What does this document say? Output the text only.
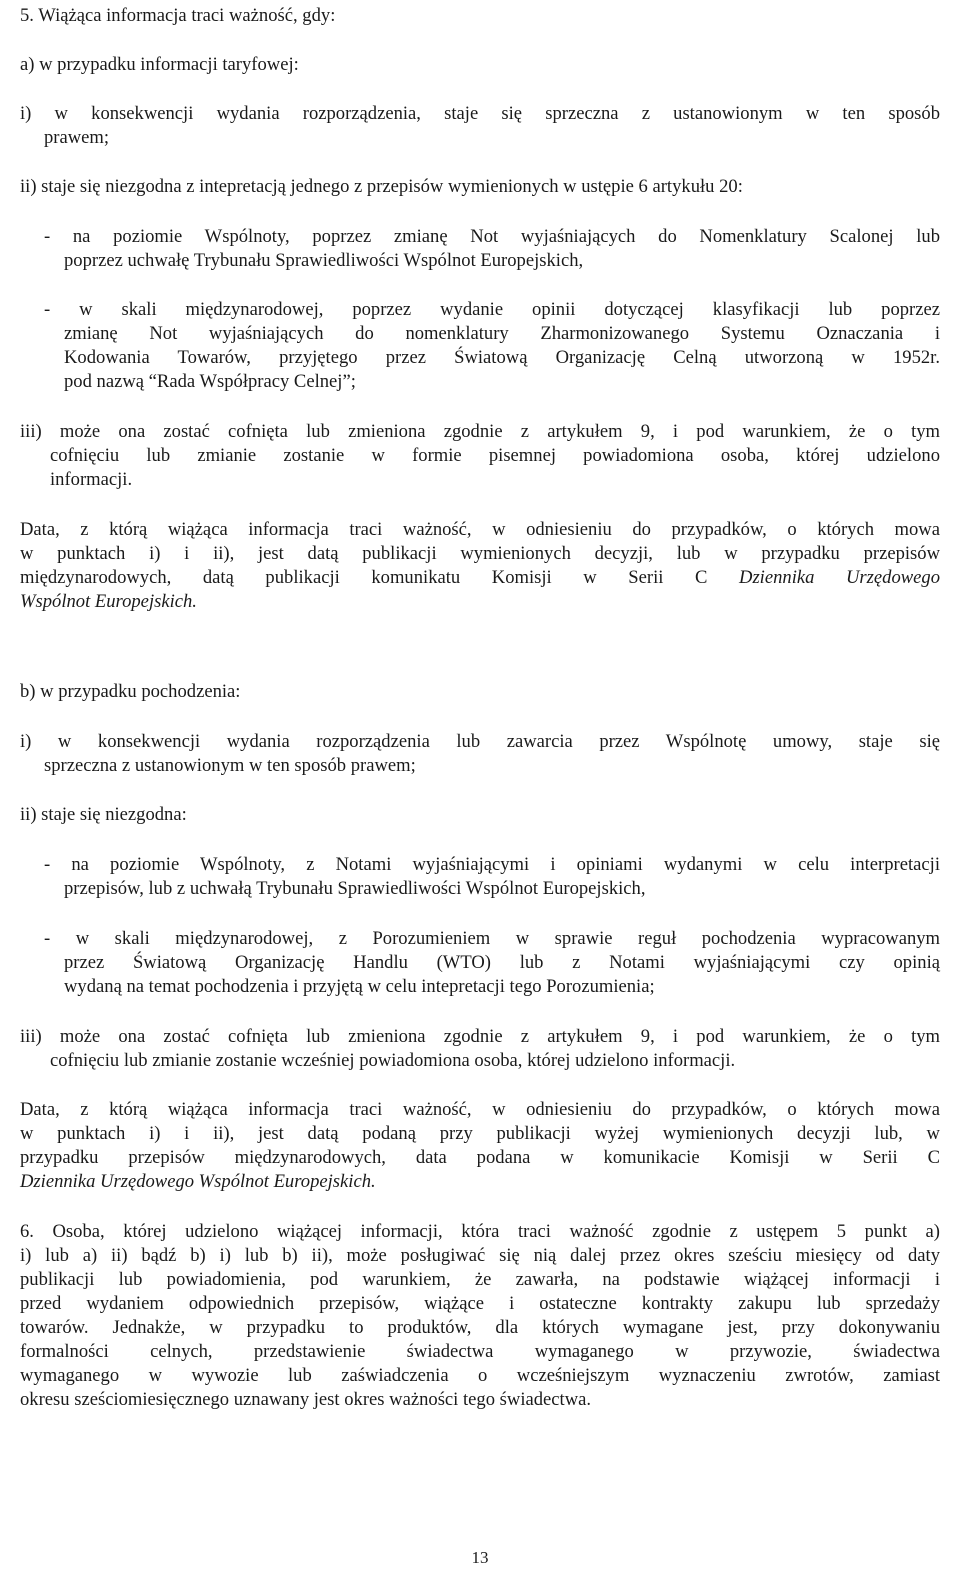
5. Wiążąca informacja traci ważność, gdy:
a) w przypadku informacji taryfowej:
i) w konsekwencji wydania rozporządzenia, staje się sprzeczna z ustanowionym w ten sposób
prawem;
ii) staje się niezgodna z intepretacją jednego z przepisów wymienionych w ustępie 6 artykułu 20:
- na poziomie Wspólnoty, poprzez zmianę Not wyjaśniających do Nomenklatury Scalonej lub
poprzez uchwałę Trybunału Sprawiedliwości Wspólnot Europejskich,
- w skali międzynarodowej, poprzez wydanie opinii dotyczącej klasyfikacji lub poprzez
zmianę Not wyjaśniających do nomenklatury Zharmonizowanego Systemu Oznaczania i
Kodowania Towarów, przyjętego przez Światową Organizację Celną utworzoną w 1952r.
pod nazwą “Rada Współpracy Celnej”;
iii) może ona zostać cofnięta lub zmieniona zgodnie z artykułem 9, i pod warunkiem, że o tym
cofnięciu lub zmianie zostanie w formie pisemnej powiadomiona osoba, której udzielono
informacji.
Data, z którą wiążąca informacja traci ważność, w odniesieniu do przypadków, o których mowa
w punktach i) i ii), jest datą publikacji wymienionych decyzji, lub w przypadku przepisów
międzynarodowych, datą publikacji komunikatu Komisji w Serii C Dziennika Urzędowego
Wspólnot Europejskich.
b) w przypadku pochodzenia:
i) w konsekwencji wydania rozporządzenia lub zawarcia przez Wspólnotę umowy, staje się
sprzeczna z ustanowionym w ten sposób prawem;
ii) staje się niezgodna:
- na poziomie Wspólnoty, z Notami wyjaśniającymi i opiniami wydanymi w celu interpretacji
przepisów, lub z uchwałą Trybunału Sprawiedliwości Wspólnot Europejskich,
- w skali międzynarodowej, z Porozumieniem w sprawie reguł pochodzenia wypracowanym
przez Światową Organizację Handlu (WTO) lub z Notami wyjaśniającymi czy opinią
wydaną na temat pochodzenia i przyjętą w celu intepretacji tego Porozumienia;
iii) może ona zostać cofnięta lub zmieniona zgodnie z artykułem 9, i pod warunkiem, że o tym
cofnięciu lub zmianie zostanie wcześniej powiadomiona osoba, której udzielono informacji.
Data, z którą wiążąca informacja traci ważność, w odniesieniu do przypadków, o których mowa
w punktach i) i ii), jest datą podaną przy publikacji wyżej wymienionych decyzji lub, w
przypadku przepisów międzynarodowych, data podana w komunikacie Komisji w Serii C
Dziennika Urzędowego Wspólnot Europejskich.
6. Osoba, której udzielono wiążącej informacji, która traci ważność zgodnie z ustępem 5 punkt a)
i) lub a) ii) bądź b) i) lub b) ii), może posługiwać się nią dalej przez okres sześciu miesięcy od daty
publikacji lub powiadomienia, pod warunkiem, że zawarła, na podstawie wiążącej informacji i
przed wydaniem odpowiednich przepisów, wiążące i ostateczne kontrakty zakupu lub sprzedaży
towarów. Jednakże, w przypadku to produktów, dla których wymagane jest, przy dokonywaniu
formalności celnych, przedstawienie świadectwa wymaganego w przywozie, świadectwa
wymaganego w wywozie lub zaświadczenia o wcześniejszym wyznaczeniu zwrotów, zamiast
okresu sześciomiesięcznego uznawany jest okres ważności tego świadectwa.
13
